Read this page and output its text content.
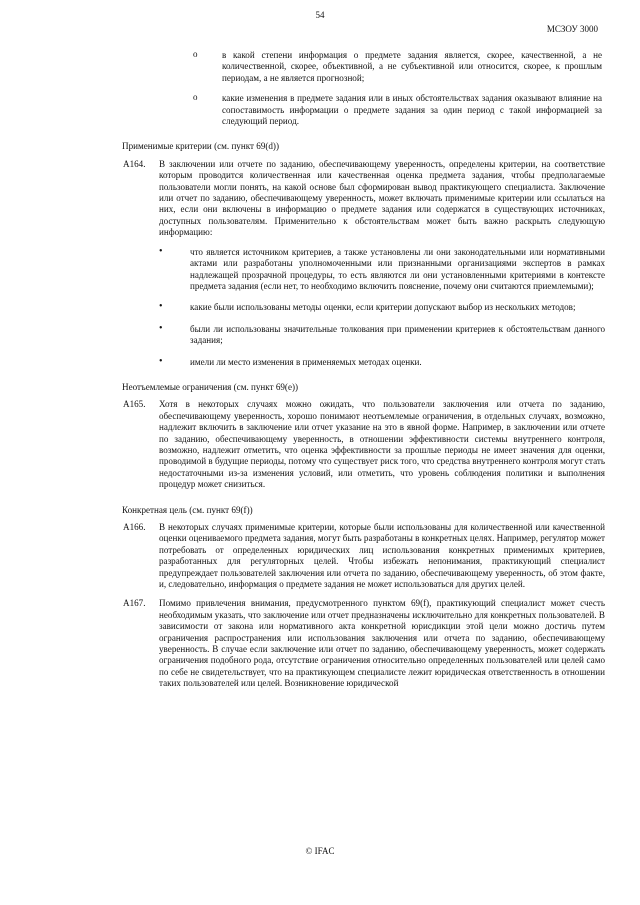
54
МСЗОУ 3000
o	в какой степени информация о предмете задания является, скорее, качественной, а не количественной, скорее, объективной, а не субъективной или относится, скорее, к прошлым периодам, а не является прогнозной;
o	какие изменения в предмете задания или в иных обстоятельствах задания оказывают влияние на сопоставимость информации о предмете задания за один период с такой информацией за следующий период.
Применимые критерии (см. пункт 69(d))
A164. В заключении или отчете по заданию, обеспечивающему уверенность, определены критерии, на соответствие которым проводится количественная или качественная оценка предмета задания, чтобы предполагаемые пользователи могли понять, на какой основе был сформирован вывод практикующего специалиста. Заключение или отчет по заданию, обеспечивающему уверенность, может включать применимые критерии или ссылаться на них, если они включены в информацию о предмете задания или содержатся в существующих источниках, доступных пользователям. Применительно к обстоятельствам может быть важно раскрыть следующую информацию:
•	что является источником критериев, а также установлены ли они законодательными или нормативными актами или разработаны уполномоченными или признанными организациями экспертов в рамках надлежащей прозрачной процедуры, то есть являются ли они установленными критериями в контексте предмета задания (если нет, то необходимо включить пояснение, почему они считаются приемлемыми);
•	какие были использованы методы оценки, если критерии допускают выбор из нескольких методов;
•	были ли использованы значительные толкования при применении критериев к обстоятельствам данного задания;
•	имели ли место изменения в применяемых методах оценки.
Неотъемлемые ограничения (см. пункт 69(e))
A165. Хотя в некоторых случаях можно ожидать, что пользователи заключения или отчета по заданию, обеспечивающему уверенность, хорошо понимают неотъемлемые ограничения, в отдельных случаях, возможно, надлежит включить в заключение или отчет указание на это в явной форме. Например, в заключении или отчете по заданию, обеспечивающему уверенность, в отношении эффективности системы внутреннего контроля, возможно, надлежит отметить, что оценка эффективности за прошлые периоды не имеет значения для оценки, проводимой в будущие периоды, потому что существует риск того, что средства внутреннего контроля могут стать недостаточными из-за изменения условий, или отметить, что уровень соблюдения политики и выполнения процедур может снизиться.
Конкретная цель (см. пункт 69(f))
A166. В некоторых случаях применимые критерии, которые были использованы для количественной или качественной оценки оцениваемого предмета задания, могут быть разработаны в конкретных целях. Например, регулятор может потребовать от определенных юридических лиц использования конкретных применимых критериев, разработанных для регуляторных целей. Чтобы избежать непонимания, практикующий специалист предупреждает пользователей заключения или отчета по заданию, обеспечивающему уверенность, об этом факте, и, следовательно, информация о предмете задания не может использоваться для других целей.
A167. Помимо привлечения внимания, предусмотренного пунктом 69(f), практикующий специалист может счесть необходимым указать, что заключение или отчет предназначены исключительно для конкретных пользователей. В зависимости от закона или нормативного акта конкретной юрисдикции этой цели можно достичь путем ограничения распространения или использования заключения или отчета по заданию, обеспечивающему уверенность. В случае если заключение или отчет по заданию, обеспечивающему уверенность, может содержать ограничения подобного рода, отсутствие ограничения относительно определенных пользователей или целей само по себе не свидетельствует, что на практикующем специалисте лежит юридическая ответственность в отношении таких пользователей или целей. Возникновение юридической
© IFAC
